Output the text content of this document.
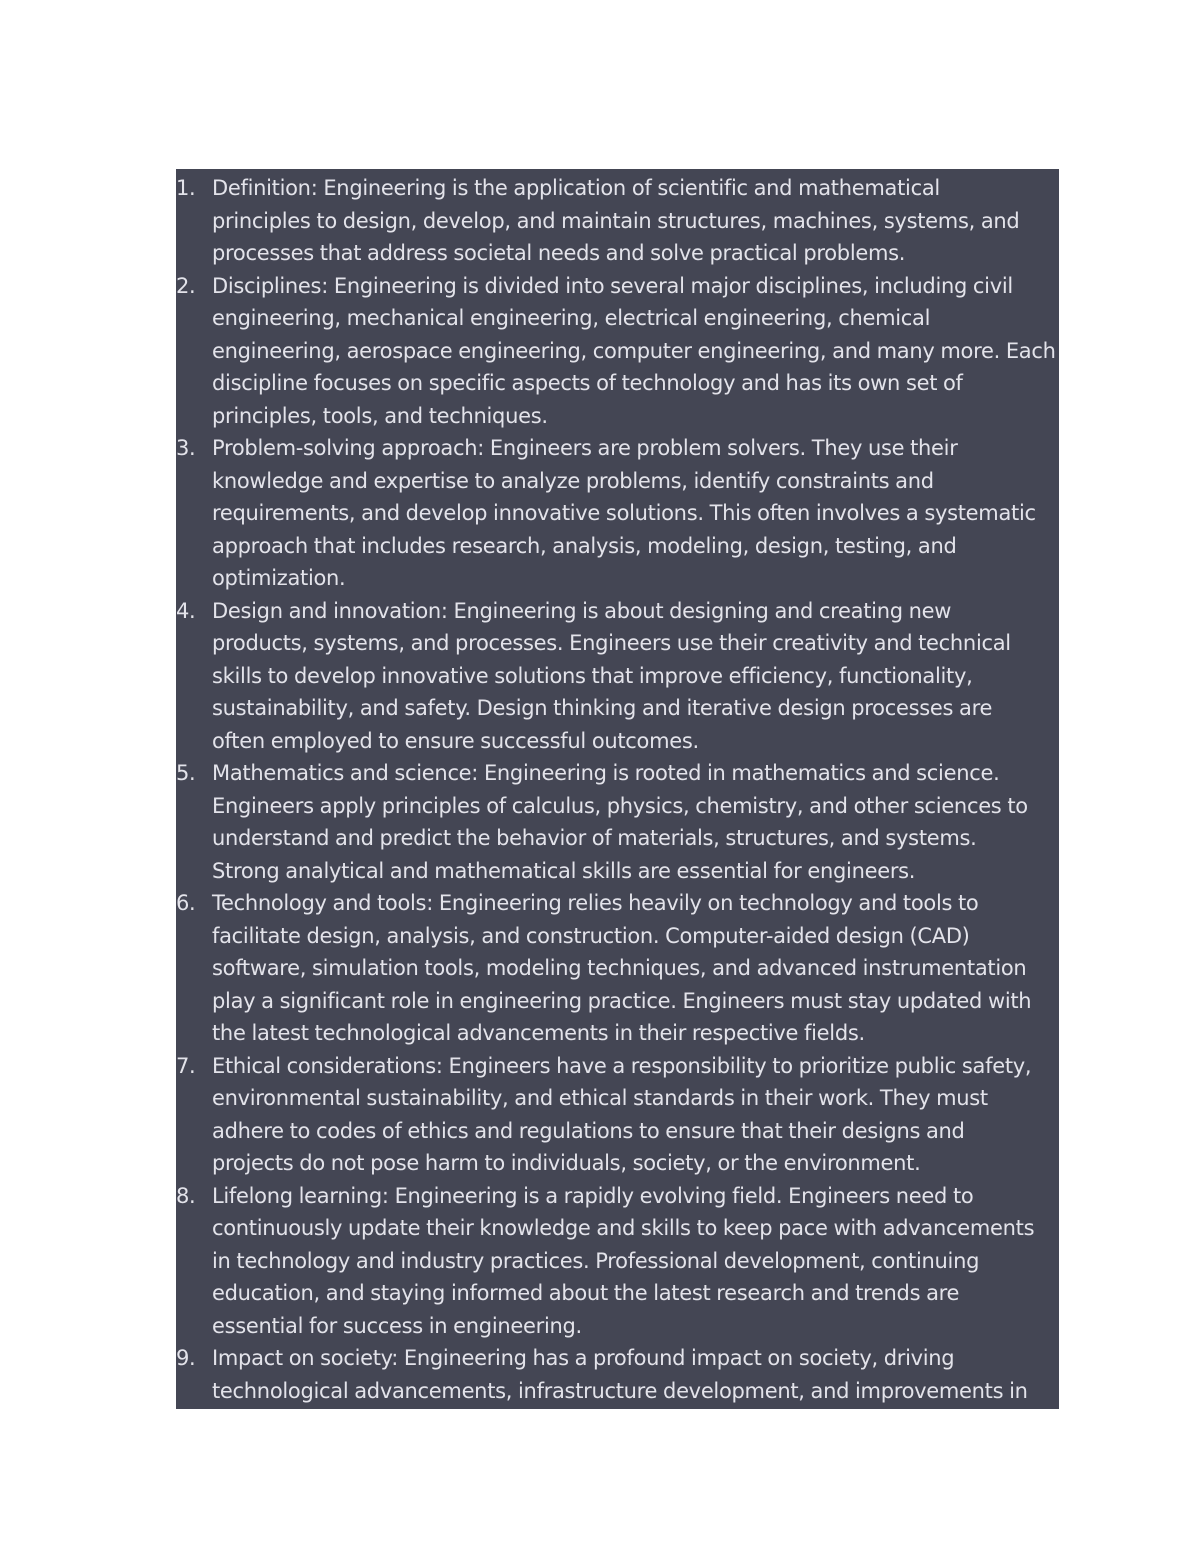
1. Definition: Engineering is the application of scientific and mathematical
principles to design, develop, and maintain structures, machines, systems, and
processes that address societal needs and solve practical problems.
2. Disciplines: Engineering is divided into several major disciplines, including civil
engineering, mechanical engineering, electrical engineering, chemical
engineering, aerospace engineering, computer engineering, and many more. Each
discipline focuses on specific aspects of technology and has its own set of
principles, tools, and techniques.
3. Problem-solving approach: Engineers are problem solvers. They use their
knowledge and expertise to analyze problems, identify constraints and
requirements, and develop innovative solutions. This often involves a systematic
approach that includes research, analysis, modeling, design, testing, and
optimization.
4. Design and innovation: Engineering is about designing and creating new
products, systems, and processes. Engineers use their creativity and technical
skills to develop innovative solutions that improve efficiency, functionality,
sustainability, and safety. Design thinking and iterative design processes are
often employed to ensure successful outcomes.
5. Mathematics and science: Engineering is rooted in mathematics and science.
Engineers apply principles of calculus, physics, chemistry, and other sciences to
understand and predict the behavior of materials, structures, and systems.
Strong analytical and mathematical skills are essential for engineers.
6. Technology and tools: Engineering relies heavily on technology and tools to
facilitate design, analysis, and construction. Computer-aided design (CAD)
software, simulation tools, modeling techniques, and advanced instrumentation
play a significant role in engineering practice. Engineers must stay updated with
the latest technological advancements in their respective fields.
7. Ethical considerations: Engineers have a responsibility to prioritize public safety,
environmental sustainability, and ethical standards in their work. They must
adhere to codes of ethics and regulations to ensure that their designs and
projects do not pose harm to individuals, society, or the environment.
8. Lifelong learning: Engineering is a rapidly evolving field. Engineers need to
continuously update their knowledge and skills to keep pace with advancements
in technology and industry practices. Professional development, continuing
education, and staying informed about the latest research and trends are
essential for success in engineering.
9. Impact on society: Engineering has a profound impact on society, driving
technological advancements, infrastructure development, and improvements in
